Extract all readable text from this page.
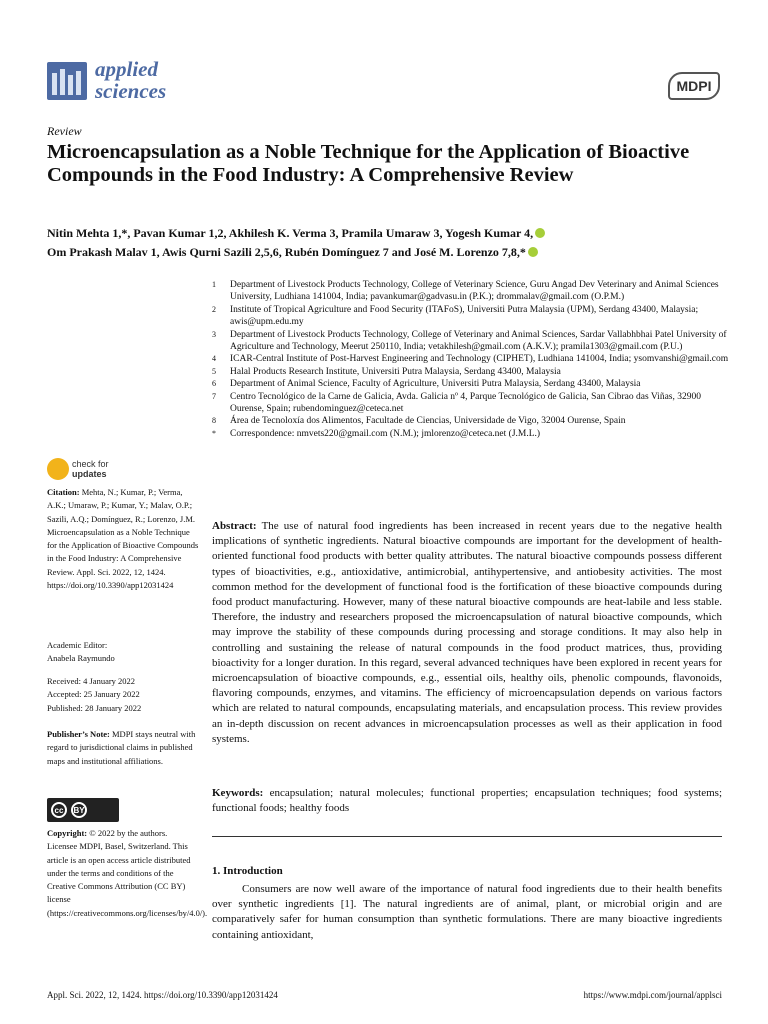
applied
sciences	MDPI
Review
Microencapsulation as a Noble Technique for the Application of Bioactive Compounds in the Food Industry: A Comprehensive Review
Nitin Mehta 1,*, Pavan Kumar 1,2, Akhilesh K. Verma 3, Pramila Umaraw 3, Yogesh Kumar 4,
Om Prakash Malav 1, Awis Qurni Sazili 2,5,6, Rubén Domínguez 7 and José M. Lorenzo 7,8,*
1	Department of Livestock Products Technology, College of Veterinary Science, Guru Angad Dev Veterinary and Animal Sciences University, Ludhiana 141004, India; pavankumar@gadvasu.in (P.K.); drommalav@gmail.com (O.P.M.)
2	Institute of Tropical Agriculture and Food Security (ITAFoS), Universiti Putra Malaysia (UPM), Serdang 43400, Malaysia; awis@upm.edu.my
3	Department of Livestock Products Technology, College of Veterinary and Animal Sciences, Sardar Vallabhbhai Patel University of Agriculture and Technology, Meerut 250110, India; vetakhilesh@gmail.com (A.K.V.); pramila1303@gmail.com (P.U.)
4	ICAR-Central Institute of Post-Harvest Engineering and Technology (CIPHET), Ludhiana 141004, India; ysomvanshi@gmail.com
5	Halal Products Research Institute, Universiti Putra Malaysia, Serdang 43400, Malaysia
6	Department of Animal Science, Faculty of Agriculture, Universiti Putra Malaysia, Serdang 43400, Malaysia
7	Centro Tecnológico de la Carne de Galicia, Avda. Galicia nº 4, Parque Tecnológico de Galicia, San Cibrao das Viñas, 32900 Ourense, Spain; rubendominguez@ceteca.net
8	Área de Tecnoloxía dos Alimentos, Facultade de Ciencias, Universidade de Vigo, 32004 Ourense, Spain
*	Correspondence: nmvets220@gmail.com (N.M.); jmlorenzo@ceteca.net (J.M.L.)
check for
updates
Citation: Mehta, N.; Kumar, P.; Verma, A.K.; Umaraw, P.; Kumar, Y.; Malav, O.P.; Sazili, A.Q.; Domínguez, R.; Lorenzo, J.M. Microencapsulation as a Noble Technique for the Application of Bioactive Compounds in the Food Industry: A Comprehensive Review. Appl. Sci. 2022, 12, 1424. https://doi.org/10.3390/app12031424
Academic Editor:
Anabela Raymundo
Received: 4 January 2022
Accepted: 25 January 2022
Published: 28 January 2022
Publisher’s Note: MDPI stays neutral with regard to jurisdictional claims in published maps and institutional affiliations.
cc	BY
Copyright: © 2022 by the authors. Licensee MDPI, Basel, Switzerland. This article is an open access article distributed under the terms and conditions of the Creative Commons Attribution (CC BY) license (https://creativecommons.org/licenses/by/4.0/).
Abstract: The use of natural food ingredients has been increased in recent years due to the negative health implications of synthetic ingredients. Natural bioactive compounds are important for the development of health-oriented functional food products with better quality attributes. The natural bioactive compounds possess different types of bioactivities, e.g., antioxidative, antimicrobial, antihypertensive, and antiobesity activities. The most common method for the development of functional food is the fortification of these bioactive compounds during food product manufacturing. However, many of these natural bioactive compounds are heat-labile and less stable. Therefore, the industry and researchers proposed the microencapsulation of natural bioactive compounds, which may improve the stability of these compounds during processing and storage conditions. It may also help in controlling and sustaining the release of natural compounds in the food product matrices, thus, providing bioactivity for a longer duration. In this regard, several advanced techniques have been explored in recent years for microencapsulation of bioactive compounds, e.g., essential oils, healthy oils, phenolic compounds, flavonoids, flavoring compounds, enzymes, and vitamins. The efficiency of microencapsulation depends on various factors which are related to natural compounds, encapsulating materials, and encapsulation process. This review provides an in-depth discussion on recent advances in microencapsulation processes as well as their application in food systems.
Keywords: encapsulation; natural molecules; functional properties; encapsulation techniques; food systems; functional foods; healthy foods
1. Introduction
Consumers are now well aware of the importance of natural food ingredients due to their health benefits over synthetic ingredients [1]. The natural ingredients are of animal, plant, or microbial origin and are comparatively safer for human consumption than synthetic formulations. There are many bioactive ingredients containing antioxidant,
Appl. Sci. 2022, 12, 1424. https://doi.org/10.3390/app12031424	https://www.mdpi.com/journal/applsci
